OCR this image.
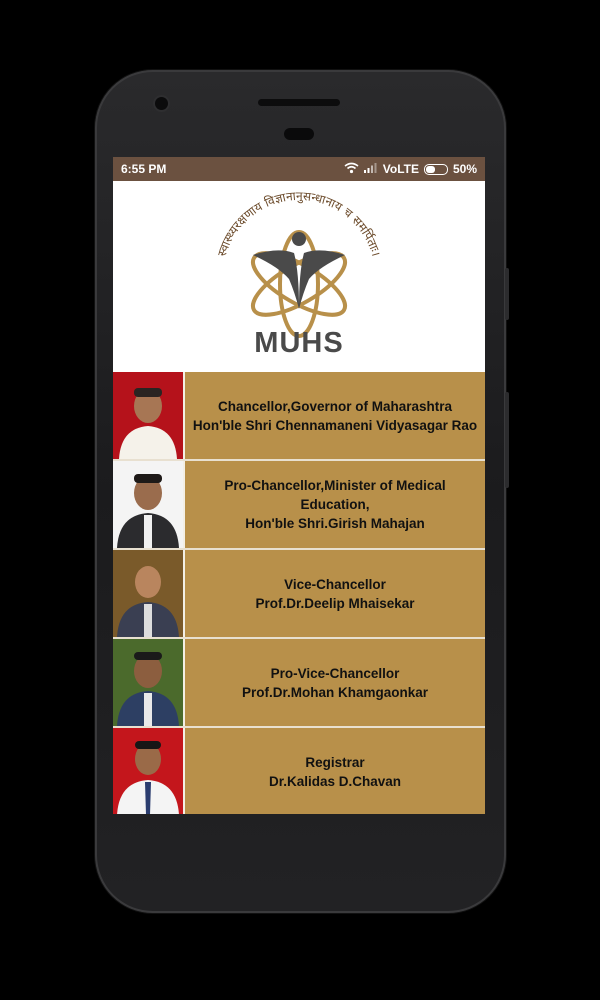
6:55 PM	VoLTE	50%
स्वास्थ्यरक्षणाय विज्ञानानुसन्धानाय च समर्पिताः।
MUHS
Chancellor,Governor of Maharashtra
Hon'ble Shri Chennamaneni Vidyasagar Rao
Pro-Chancellor,Minister of Medical Education,
Hon'ble Shri.Girish Mahajan
Vice-Chancellor
Prof.Dr.Deelip Mhaisekar
Pro-Vice-Chancellor
Prof.Dr.Mohan Khamgaonkar
Registrar
Dr.Kalidas D.Chavan
